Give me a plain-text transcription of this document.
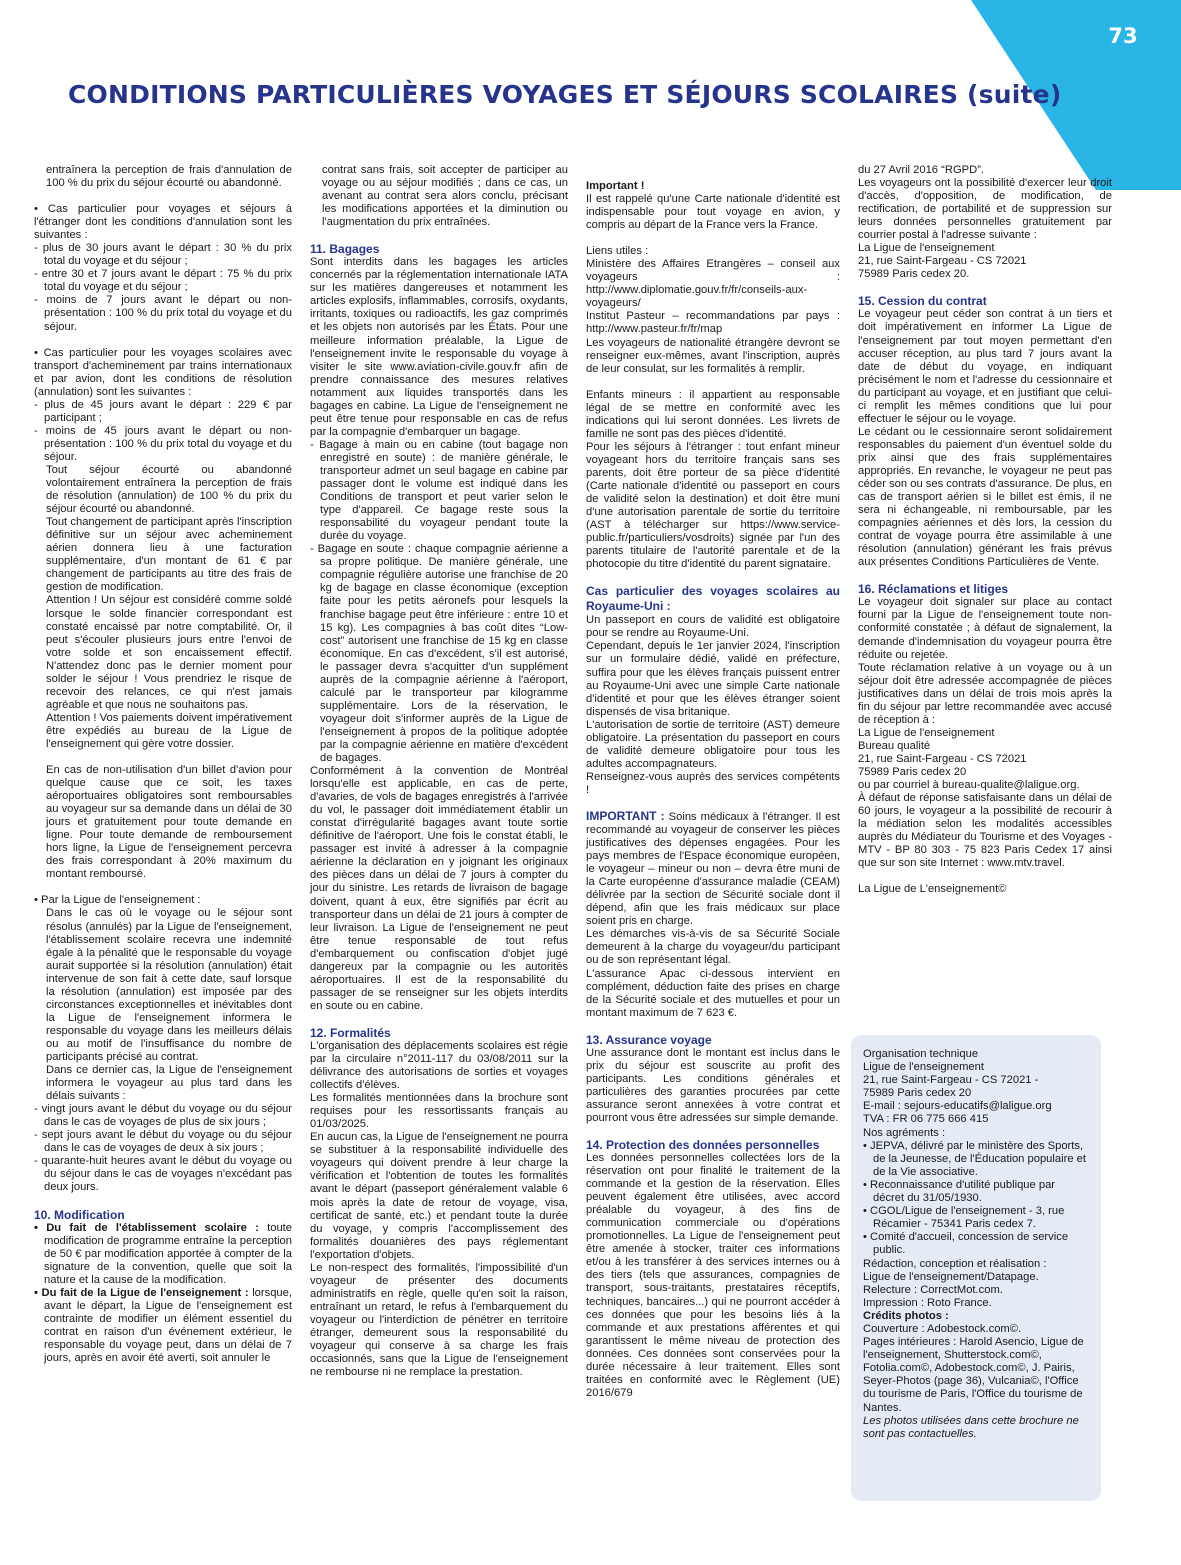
73
CONDITIONS PARTICULIÈRES VOYAGES ET SÉJOURS SCOLAIRES (suite)

entraînera la perception de frais d'annulation de 100 % du prix du séjour écourté ou abandonné.

• Cas particulier pour voyages et séjours à l'étranger dont les conditions d'annulation sont les suivantes :

- plus de 30 jours avant le départ : 30 % du prix total du voyage et du séjour ;

- entre 30 et 7 jours avant le départ : 75 % du prix total du voyage et du séjour ;

- moins de 7 jours avant le départ ou non- présentation : 100 % du prix total du voyage et du séjour.

• Cas particulier pour les voyages scolaires avec transport d'acheminement par trains internationaux et par avion, dont les conditions de résolution (annulation) sont les suivantes :

- plus de 45 jours avant le départ : 229 € par participant ;

- moins de 45 jours avant le départ ou non-présentation : 100 % du prix total du voyage et du séjour.

Tout séjour écourté ou abandonné volontairement entraînera la perception de frais de résolution (annulation) de 100 % du prix du séjour écourté ou abandonné.

Tout changement de participant après l'inscription définitive sur un séjour avec acheminement aérien donnera lieu à une facturation supplémentaire, d'un montant de 61 € par changement de participants au titre des frais de gestion de modification.

Attention ! Un séjour est considéré comme soldé lorsque le solde financier correspondant est constaté encaissé par notre comptabilité. Or, il peut s'écouler plusieurs jours entre l'envoi de votre solde et son encaissement effectif. N'attendez donc pas le dernier moment pour solder le séjour ! Vous prendriez le risque de recevoir des relances, ce qui n'est jamais agréable et que nous ne souhaitons pas.

Attention ! Vos paiements doivent impérativement être expédiés au bureau de la Ligue de l'enseignement qui gère votre dossier.

En cas de non-utilisation d'un billet d'avion pour quelque cause que ce soit, les taxes aéroportuaires obligatoires sont remboursables au voyageur sur sa demande dans un délai de 30 jours et gratuitement pour toute demande en ligne. Pour toute demande de remboursement hors ligne, la Ligue de l'enseignement percevra des frais correspondant à 20% maximum du montant remboursé.

• Par la Ligue de l'enseignement :

Dans le cas où le voyage ou le séjour sont résolus (annulés) par la Ligue de l'enseignement, l'établissement scolaire recevra une indemnité égale à la pénalité que le responsable du voyage aurait supportée si la résolution (annulation) était intervenue de son fait à cette date, sauf lorsque la résolution (annulation) est imposée par des circonstances exceptionnelles et inévitables dont la Ligue de l'enseignement informera le responsable du voyage dans les meilleurs délais ou au motif de l'insuffisance du nombre de participants précisé au contrat.

Dans ce dernier cas, la Ligue de l'enseignement informera le voyageur au plus tard dans les délais suivants :

- vingt jours avant le début du voyage ou du séjour dans le cas de voyages de plus de six jours ;

- sept jours avant le début du voyage ou du séjour dans le cas de voyages de deux à six jours ;

- quarante-huit heures avant le début du voyage ou du séjour dans le cas de voyages n'excédant pas deux jours.

10. Modification

• Du fait de l'établissement scolaire : toute modification de programme entraîne la perception de 50 € par modification apportée à compter de la signature de la convention, quelle que soit la nature et la cause de la modification.

• Du fait de la Ligue de l'enseignement : lorsque, avant le départ, la Ligue de l'enseignement est contrainte de modifier un élément essentiel du contrat en raison d'un événement extérieur, le responsable du voyage peut, dans un délai de 7 jours, après en avoir été averti, soit annuler le

contrat sans frais, soit accepter de participer au voyage ou au séjour modifiés ; dans ce cas, un avenant au contrat sera alors conclu, précisant les modifications apportées et la diminution ou l'augmentation du prix entraînées.

11. Bagages

Sont interdits dans les bagages les articles concernés par la réglementation internationale IATA sur les matières dangereuses et notamment les articles explosifs, inflammables, corrosifs, oxydants, irritants, toxiques ou radioactifs, les gaz comprimés et les objets non autorisés par les États. Pour une meilleure information préalable, la Ligue de l'enseignement invite le responsable du voyage à visiter le site www.aviation-civile.gouv.fr afin de prendre connaissance des mesures relatives notamment aux liquides transportés dans les bagages en cabine. La Ligue de l'enseignement ne peut être tenue pour responsable en cas de refus par la compagnie d'embarquer un bagage.

- Bagage à main ou en cabine (tout bagage non enregistré en soute) : de manière générale, le transporteur admet un seul bagage en cabine par passager dont le volume est indiqué dans les Conditions de transport et peut varier selon le type d'appareil. Ce bagage reste sous la responsabilité du voyageur pendant toute la durée du voyage.

- Bagage en soute : chaque compagnie aérienne a sa propre politique. De manière générale, une compagnie régulière autorise une franchise de 20 kg de bagage en classe économique (exception faite pour les petits aéronefs pour lesquels la franchise bagage peut être inférieure : entre 10 et 15 kg). Les compagnies à bas coût dites “Low-cost” autorisent une franchise de 15 kg en classe économique. En cas d'excédent, s'il est autorisé, le passager devra s'acquitter d'un supplément auprès de la compagnie aérienne à l'aéroport, calculé par le transporteur par kilogramme supplémentaire. Lors de la réservation, le voyageur doit s'informer auprès de la Ligue de l'enseignement à propos de la politique adoptée par la compagnie aérienne en matière d'excédent de bagages.

Conformément à la convention de Montréal lorsqu'elle est applicable, en cas de perte, d'avaries, de vols de bagages enregistrés à l'arrivée du vol, le passager doit immédiatement établir un constat d'irrégularité bagages avant toute sortie définitive de l'aéroport. Une fois le constat établi, le passager est invité à adresser à la compagnie aérienne la déclaration en y joignant les originaux des pièces dans un délai de 7 jours à compter du jour du sinistre. Les retards de livraison de bagage doivent, quant à eux, être signifiés par écrit au transporteur dans un délai de 21 jours à compter de leur livraison. La Ligue de l'enseignement ne peut être tenue responsable de tout refus d'embarquement ou confiscation d'objet jugé dangereux par la compagnie ou les autorités aéroportuaires. Il est de la responsabilité du passager de se renseigner sur les objets interdits en soute ou en cabine.

12. Formalités

L'organisation des déplacements scolaires est régie par la circulaire n°2011-117 du 03/08/2011 sur la délivrance des autorisations de sorties et voyages collectifs d'élèves.

Les formalités mentionnées dans la brochure sont requises pour les ressortissants français au 01/03/2025.

En aucun cas, la Ligue de l'enseignement ne pourra se substituer à la responsabilité individuelle des voyageurs qui doivent prendre à leur charge la vérification et l'obtention de toutes les formalités avant le départ (passeport généralement valable 6 mois après la date de retour de voyage, visa, certificat de santé, etc.) et pendant toute la durée du voyage, y compris l'accomplissement des formalités douanières des pays réglementant l'exportation d'objets.

Le non-respect des formalités, l'impossibilité d'un voyageur de présenter des documents administratifs en règle, quelle qu'en soit la raison, entraînant un retard, le refus à l'embarquement du voyageur ou l'interdiction de pénétrer en territoire étranger, demeurent sous la responsabilité du voyageur qui conserve à sa charge les frais occasionnés, sans que la Ligue de l'enseignement ne rembourse ni ne remplace la prestation.

Important !

Il est rappelé qu'une Carte nationale d'identité est indispensable pour tout voyage en avion, y compris au départ de la France vers la France.

Liens utiles :

Ministère des Affaires Etrangères – conseil aux voyageurs : http://www.diplomatie.gouv.fr/fr/conseils-aux-voyageurs/

Institut Pasteur – recommandations par pays : http://www.pasteur.fr/fr/map

Les voyageurs de nationalité étrangère devront se renseigner eux-mêmes, avant l'inscription, auprès de leur consulat, sur les formalités à remplir.

Enfants mineurs : il appartient au responsable légal de se mettre en conformité avec les indications qui lui seront données. Les livrets de famille ne sont pas des pièces d'identité.

Pour les séjours à l'étranger : tout enfant mineur voyageant hors du territoire français sans ses parents, doit être porteur de sa pièce d'identité (Carte nationale d'identité ou passeport en cours de validité selon la destination) et doit être muni d'une autorisation parentale de sortie du territoire (AST à télécharger sur https://www.service-public.fr/particuliers/vosdroits) signée par l'un des parents titulaire de l'autorité parentale et de la photocopie du titre d'identité du parent signataire.

Cas particulier des voyages scolaires au Royaume-Uni :

Un passeport en cours de validité est obligatoire pour se rendre au Royaume-Uni.

Cependant, depuis le 1er janvier 2024, l'inscription sur un formulaire dédié, validé en préfecture, suffira pour que les élèves français puissent entrer au Royaume-Uni avec une simple Carte nationale d'identité et pour que les élèves étranger soient dispensés de visa britanique.

L'autorisation de sortie de territoire (AST) demeure obligatoire. La présentation du passeport en cours de validité demeure obligatoire pour tous les adultes accompagnateurs.

Renseignez-vous auprès des services compétents !

IMPORTANT : Soins médicaux à l'étranger. Il est recommandé au voyageur de conserver les pièces justificatives des dépenses engagées. Pour les pays membres de l'Espace économique européen, le voyageur – mineur ou non – devra être muni de la Carte européenne d'assurance maladie (CEAM) délivrée par la section de Sécurité sociale dont il dépend, afin que les frais médicaux sur place soient pris en charge.

Les démarches vis-à-vis de sa Sécurité Sociale demeurent à la charge du voyageur/du participant ou de son représentant légal.

L'assurance Apac ci-dessous intervient en complément, déduction faite des prises en charge de la Sécurité sociale et des mutuelles et pour un montant maximum de 7 623 €.

13. Assurance voyage

Une assurance dont le montant est inclus dans le prix du séjour est souscrite au profit des participants. Les conditions générales et particulières des garanties procurées par cette assurance seront annexées à votre contrat et pourront vous être adressées sur simple demande.

14. Protection des données personnelles

Les données personnelles collectées lors de la réservation ont pour finalité le traitement de la commande et la gestion de la réservation. Elles peuvent également être utilisées, avec accord préalable du voyageur, à des fins de communication commerciale ou d'opérations promotionnelles. La Ligue de l'enseignement peut être amenée à stocker, traiter ces informations et/ou à les transférer à des services internes ou à des tiers (tels que assurances, compagnies de transport, sous-traitants, prestataires réceptifs, techniques, bancaires...) qui ne pourront accéder à ces données que pour les besoins liés à la commande et aux prestations afférentes et qui garantissent le même niveau de protection des données. Ces données sont conservées pour la durée nécessaire à leur traitement. Elles sont traitées en conformité avec le Règlement (UE) 2016/679

du 27 Avril 2016 “RGPD”.

Les voyageurs ont la possibilité d'exercer leur droit d'accès, d'opposition, de modification, de rectification, de portabilité et de suppression sur leurs données personnelles gratuitement par courrier postal à l'adresse suivante :

La Ligue de l'enseignement

21, rue Saint-Fargeau - CS 72021

75989 Paris cedex 20.

15. Cession du contrat

Le voyageur peut céder son contrat à un tiers et doit impérativement en informer La Ligue de l'enseignement par tout moyen permettant d'en accuser réception, au plus tard 7 jours avant la date de début du voyage, en indiquant précisément le nom et l'adresse du cessionnaire et du participant au voyage, et en justifiant que celui-ci remplit les mêmes conditions que lui pour effectuer le séjour ou le voyage.

Le cédant ou le cessionnaire seront solidairement responsables du paiement d'un éventuel solde du prix ainsi que des frais supplémentaires appropriés. En revanche, le voyageur ne peut pas céder son ou ses contrats d'assurance. De plus, en cas de transport aérien si le billet est émis, il ne sera ni échangeable, ni remboursable, par les compagnies aériennes et dès lors, la cession du contrat de voyage pourra être assimilable à une résolution (annulation) générant les frais prévus aux présentes Conditions Particulières de Vente.

16. Réclamations et litiges

Le voyageur doit signaler sur place au contact fourni par la Ligue de l'enseignement toute non-conformité constatée ; à défaut de signalement, la demande d'indemnisation du voyageur pourra être réduite ou rejetée.

Toute réclamation relative à un voyage ou à un séjour doit être adressée accompagnée de pièces justificatives dans un délai de trois mois après la fin du séjour par lettre recommandée avec accusé de réception à :

La Ligue de l'enseignement

Bureau qualité

21, rue Saint-Fargeau - CS 72021

75989 Paris cedex 20

ou par courriel à bureau-qualite@laligue.org.

À défaut de réponse satisfaisante dans un délai de 60 jours, le voyageur a la possibilité de recourir à la médiation selon les modalités accessibles auprès du Médiateur du Tourisme et des Voyages - MTV - BP 80 303 - 75 823 Paris Cedex 17 ainsi que sur son site Internet : www.mtv.travel.

La Ligue de L'enseignement©

Organisation technique

Ligue de l'enseignement

21, rue Saint-Fargeau - CS 72021 -

75989 Paris cedex 20

E-mail : sejours-educatifs@laligue.org

TVA : FR 06 775 666 415

Nos agréments :

• JEPVA, délivré par le ministère des Sports, de la Jeunesse, de l'Éducation populaire et de la Vie associative.

• Reconnaissance d'utilité publique par décret du 31/05/1930.

• CGOL/Ligue de l'enseignement - 3, rue Récamier - 75341 Paris cedex 7.

• Comité d'accueil, concession de service public.

Rédaction, conception et réalisation :

Ligue de l'enseignement/Datapage.

Relecture : CorrectMot.com.

Impression : Roto France.

Crédits photos :

Couverture : Adobestock.com©.

Pages intérieures : Harold Asencio, Ligue de l'enseignement, Shutterstock.com©, Fotolia.com©, Adobestock.com©, J. Pairis, Seyer-Photos (page 36), Vulcania©, l'Office du tourisme de Paris, l'Office du tourisme de Nantes.

Les photos utilisées dans cette brochure ne sont pas contactuelles.
